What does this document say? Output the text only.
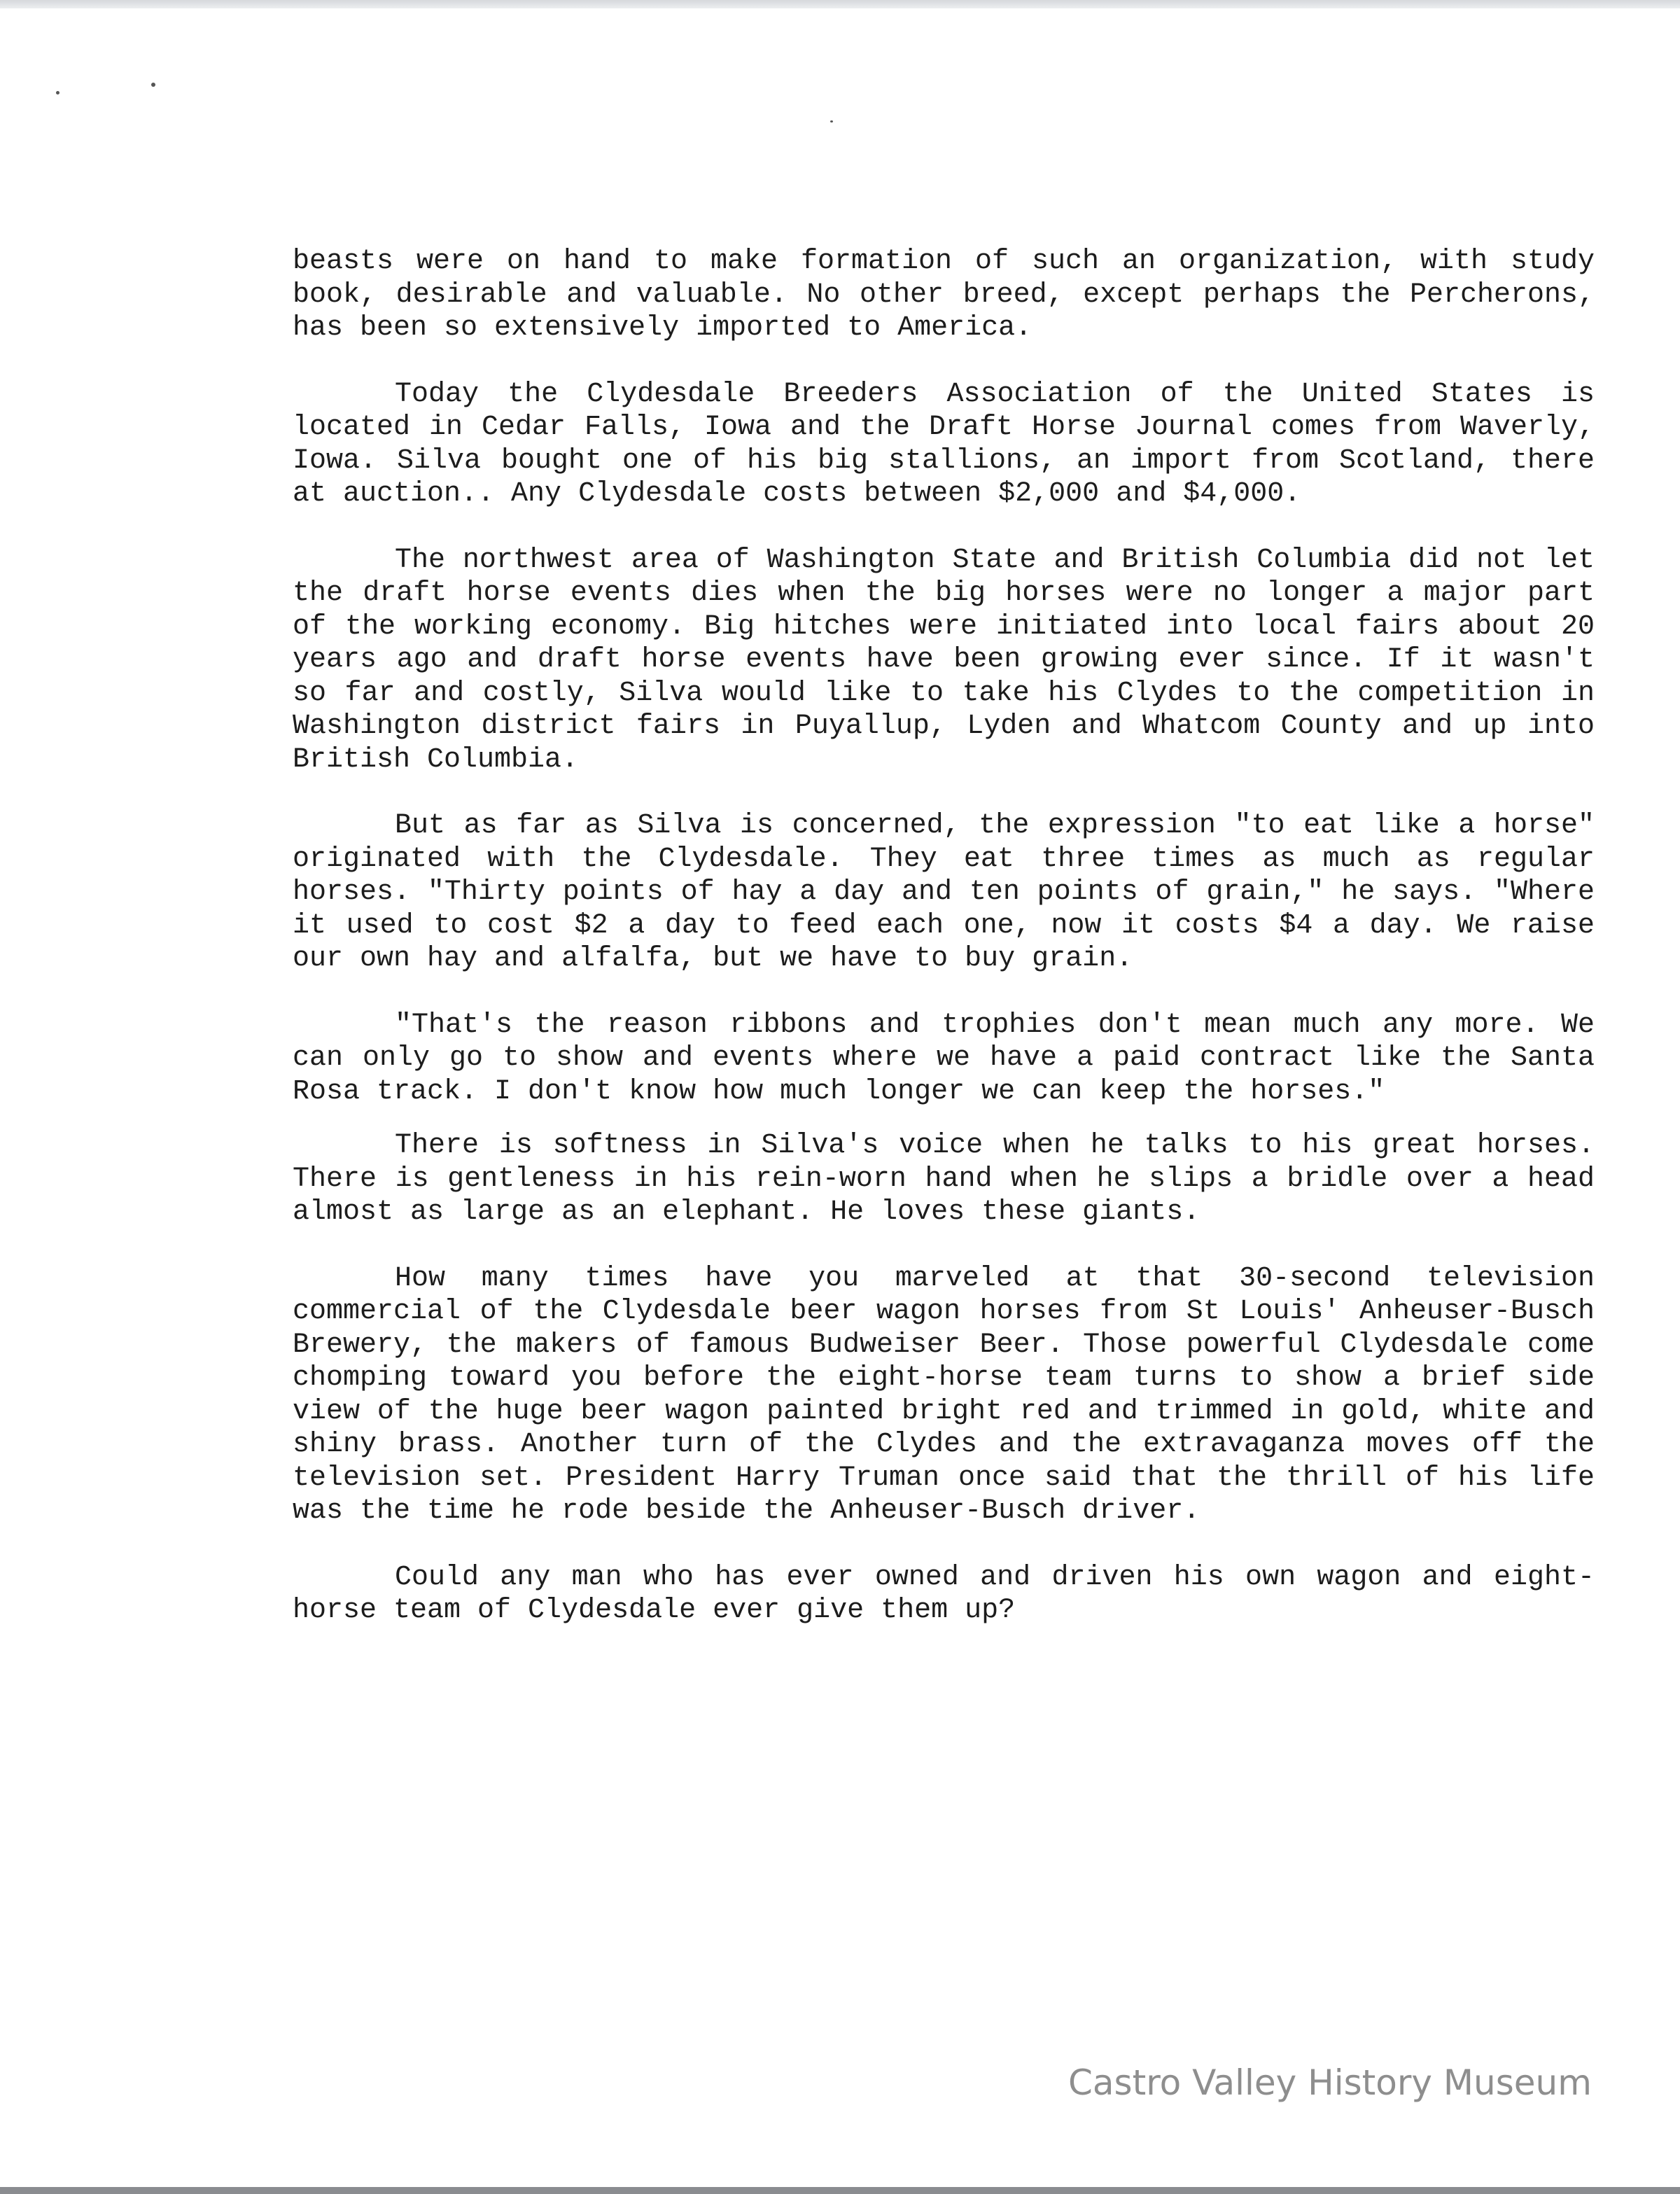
beasts were on hand to make formation of such an organization, with study book, desirable and valuable. No other breed, except perhaps the Percherons, has been so extensively imported to America.

Today the Clydesdale Breeders Association of the United States is located in Cedar Falls, Iowa and the Draft Horse Journal comes from Waverly, Iowa. Silva bought one of his big stallions, an import from Scotland, there at auction.. Any Clydesdale costs between $2,000 and $4,000.

The northwest area of Washington State and British Columbia did not let the draft horse events dies when the big horses were no longer a major part of the working economy. Big hitches were initiated into local fairs about 20 years ago and draft horse events have been growing ever since. If it wasn't so far and costly, Silva would like to take his Clydes to the competition in Washington district fairs in Puyallup, Lyden and Whatcom County and up into British Columbia.

But as far as Silva is concerned, the expression "to eat like a horse" originated with the Clydesdale. They eat three times as much as regular horses. "Thirty points of hay a day and ten points of grain," he says. "Where it used to cost $2 a day to feed each one, now it costs $4 a day. We raise our own hay and alfalfa, but we have to buy grain.

"That's the reason ribbons and trophies don't mean much any more. We can only go to show and events where we have a paid contract like the Santa Rosa track. I don't know how much longer we can keep the horses."

There is softness in Silva's voice when he talks to his great horses. There is gentleness in his rein-worn hand when he slips a bridle over a head almost as large as an elephant. He loves these giants.

How many times have you marveled at that 30-second television commercial of the Clydesdale beer wagon horses from St Louis' Anheuser-Busch Brewery, the makers of famous Budweiser Beer. Those powerful Clydesdale come chomping toward you before the eight-horse team turns to show a brief side view of the huge beer wagon painted bright red and trimmed in gold, white and shiny brass. Another turn of the Clydes and the extravaganza moves off the television set. President Harry Truman once said that the thrill of his life was the time he rode beside the Anheuser-Busch driver.

Could any man who has ever owned and driven his own wagon and eight-horse team of Clydesdale ever give them up?

Castro Valley History Museum
